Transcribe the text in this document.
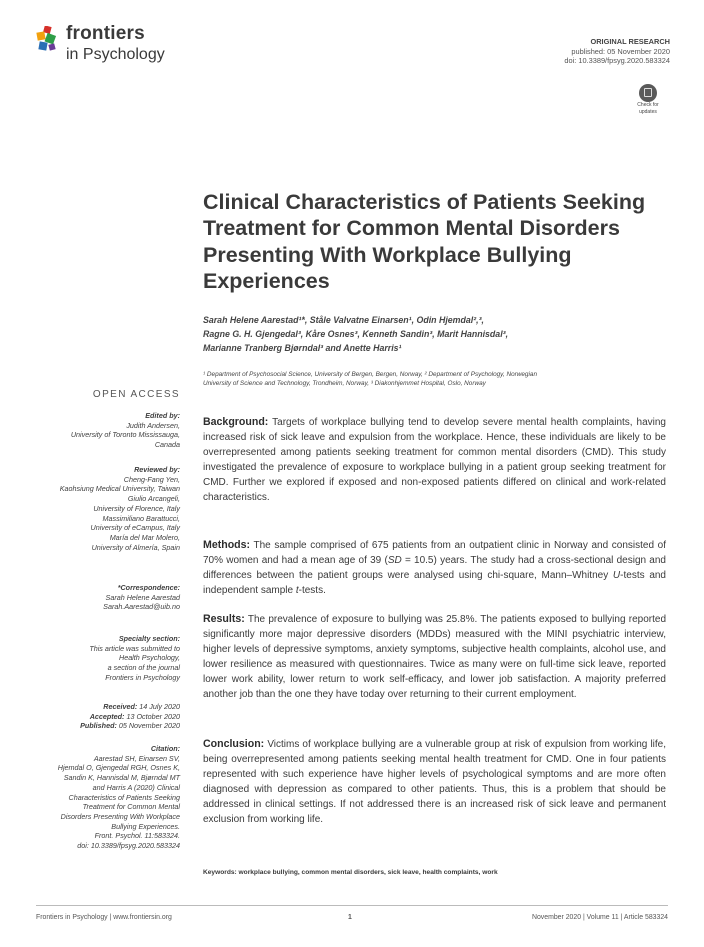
frontiers
in Psychology
ORIGINAL RESEARCH
published: 05 November 2020
doi: 10.3389/fpsyg.2020.583324
Check for
updates
Clinical Characteristics of Patients Seeking Treatment for Common Mental Disorders Presenting With Workplace Bullying Experiences
Sarah Helene Aarestad¹*, Ståle Valvatne Einarsen¹, Odin Hjemdal²,³,
Ragne G. H. Gjengedal³, Kåre Osnes³, Kenneth Sandin³, Marit Hannisdal³,
Marianne Tranberg Bjørndal³ and Anette Harris¹
¹ Department of Psychosocial Science, University of Bergen, Bergen, Norway, ² Department of Psychology, Norwegian
University of Science and Technology, Trondheim, Norway, ³ Diakonhjemmet Hospital, Oslo, Norway
OPEN ACCESS
Edited by:
Judith Andersen,
University of Toronto Mississauga,
Canada
Reviewed by:
Cheng-Fang Yen,
Kaohsiung Medical University, Taiwan
Giulio Arcangeli,
University of Florence, Italy
Massimiliano Barattucci,
University of eCampus, Italy
María del Mar Molero,
University of Almería, Spain
*Correspondence:
Sarah Helene Aarestad
Sarah.Aarestad@uib.no
Specialty section:
This article was submitted to
Health Psychology,
a section of the journal
Frontiers in Psychology
Received: 14 July 2020
Accepted: 13 October 2020
Published: 05 November 2020
Citation:
Aarestad SH, Einarsen SV,
Hjemdal O, Gjengedal RGH, Osnes K,
Sandin K, Hannisdal M, Bjørndal MT
and Harris A (2020) Clinical
Characteristics of Patients Seeking
Treatment for Common Mental
Disorders Presenting With Workplace
Bullying Experiences.
Front. Psychol. 11:583324.
doi: 10.3389/fpsyg.2020.583324

Background: Targets of workplace bullying tend to develop severe mental health complaints, having increased risk of sick leave and expulsion from the workplace. Hence, these individuals are likely to be overrepresented among patients seeking treatment for common mental disorders (CMD). This study investigated the prevalence of exposure to workplace bullying in a patient group seeking treatment for CMD. Further we explored if exposed and non-exposed patients differed on clinical and work-related characteristics.

Methods: The sample comprised of 675 patients from an outpatient clinic in Norway and consisted of 70% women and had a mean age of 39 (SD = 10.5) years. The study had a cross-sectional design and differences between the patient groups were analysed using chi-square, Mann–Whitney U-tests and independent sample t-tests.

Results: The prevalence of exposure to bullying was 25.8%. The patients exposed to bullying reported significantly more major depressive disorders (MDDs) measured with the MINI psychiatric interview, higher levels of depressive symptoms, anxiety symptoms, subjective health complaints, alcohol use, and lower resilience as measured with questionnaires. Twice as many were on full-time sick leave, reported lower work ability, lower return to work self-efficacy, and lower job satisfaction. A majority preferred another job than the one they have today over returning to their current employment.

Conclusion: Victims of workplace bullying are a vulnerable group at risk of expulsion from working life, being overrepresented among patients seeking mental health treatment for CMD. One in four patients represented with such experience have higher levels of psychological symptoms and are more often diagnosed with depression as compared to other patients. Thus, this is a problem that should be addressed in clinical settings. If not addressed there is an increased risk of sick leave and permanent exclusion from working life.

Keywords: workplace bullying, common mental disorders, sick leave, health complaints, work
Frontiers in Psychology | www.frontiersin.org	1	November 2020 | Volume 11 | Article 583324
